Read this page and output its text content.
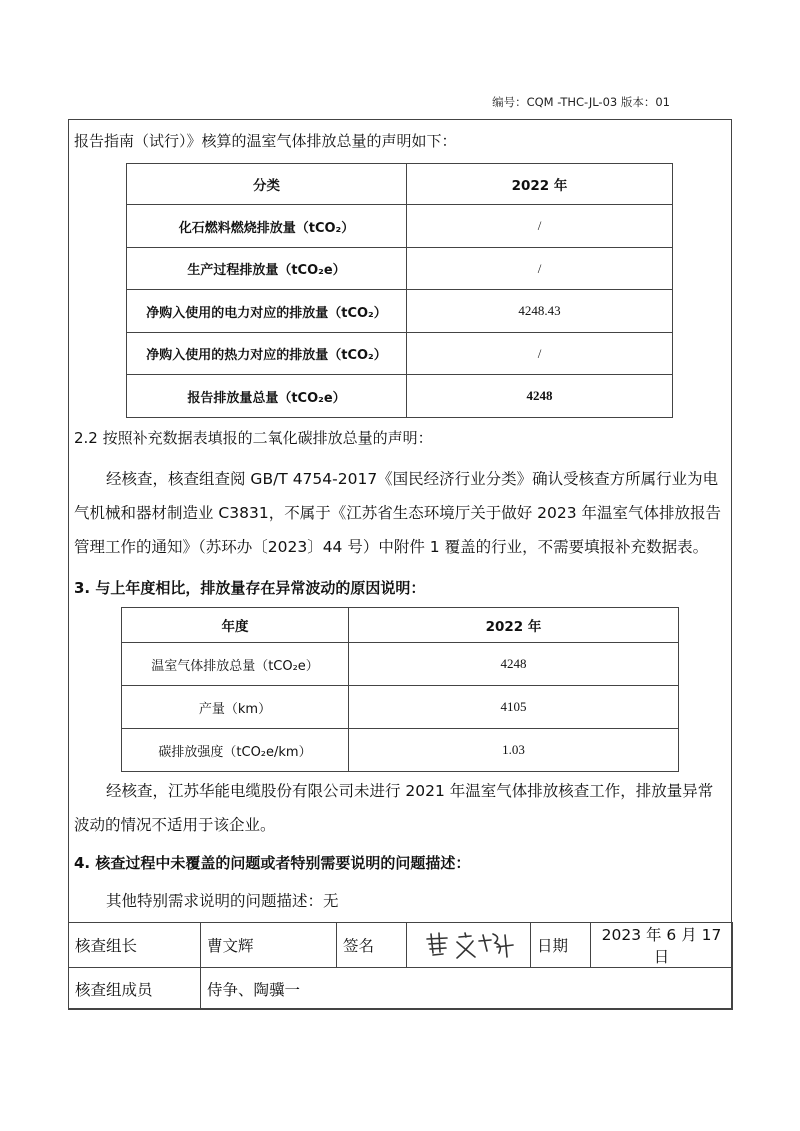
编号：CQM -THC-JL-03 版本：01
报告指南（试行）》核算的温室气体排放总量的声明如下：
分类	2022 年
化石燃料燃烧排放量（tCO₂）	/
生产过程排放量（tCO₂e）	/
净购入使用的电力对应的排放量（tCO₂）	4248.43
净购入使用的热力对应的排放量（tCO₂）	/
报告排放量总量（tCO₂e）	4248
2.2 按照补充数据表填报的二氧化碳排放总量的声明：
经核查，核查组查阅 GB/T 4754-2017《国民经济行业分类》确认受核查方所属行业为电气机械和器材制造业 C3831，不属于《江苏省生态环境厅关于做好 2023 年温室气体排放报告管理工作的通知》（苏环办〔2023〕44 号）中附件 1 覆盖的行业，不需要填报补充数据表。
3. 与上年度相比，排放量存在异常波动的原因说明：
年度	2022 年
温室气体排放总量（tCO₂e）	4248
产量（km）	4105
碳排放强度（tCO₂e/km）	1.03
经核查，江苏华能电缆股份有限公司未进行 2021 年温室气体排放核查工作，排放量异常波动的情况不适用于该企业。
4. 核查过程中未覆盖的问题或者特别需要说明的问题描述：
其他特别需求说明的问题描述：无
核查组长	曹文辉	签名		日期	2023 年 6 月 17 日
核查组成员	侍争、陶骥一				
